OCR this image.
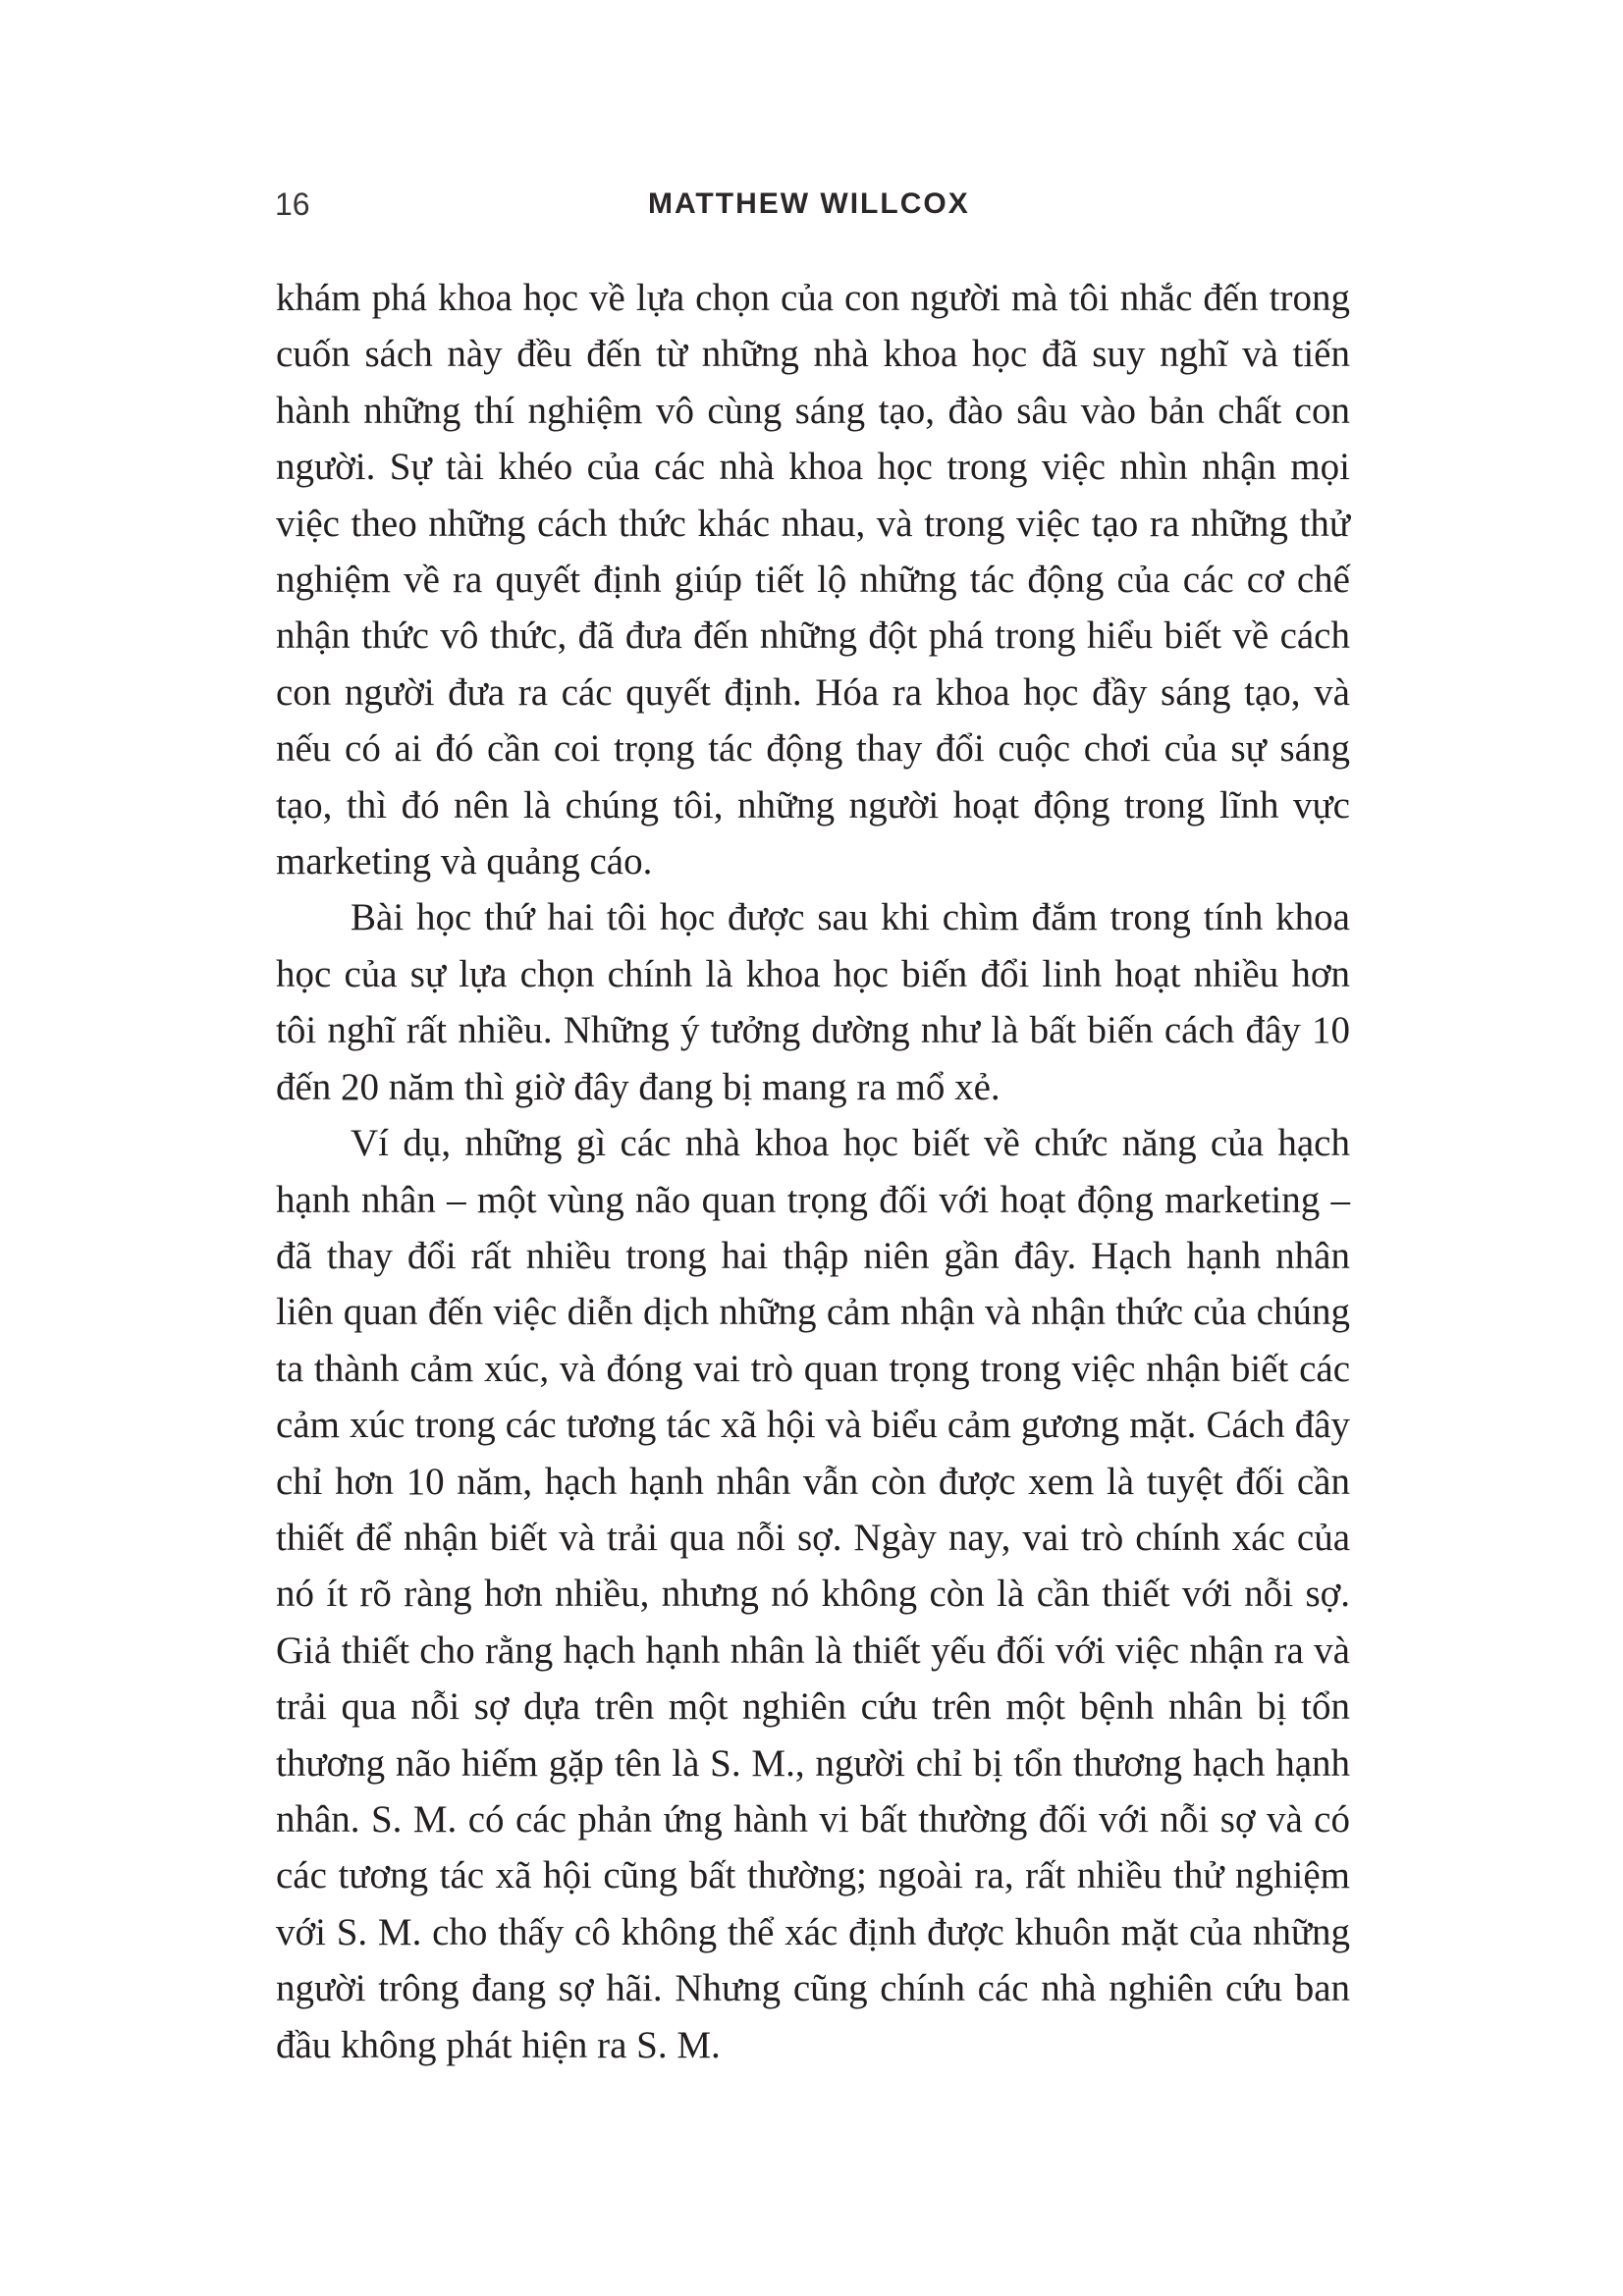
16	MATTHEW WILLCOX

khám phá khoa học về lựa chọn của con người mà tôi nhắc đến trong cuốn sách này đều đến từ những nhà khoa học đã suy nghĩ và tiến hành những thí nghiệm vô cùng sáng tạo, đào sâu vào bản chất con người. Sự tài khéo của các nhà khoa học trong việc nhìn nhận mọi việc theo những cách thức khác nhau, và trong việc tạo ra những thử nghiệm về ra quyết định giúp tiết lộ những tác động của các cơ chế nhận thức vô thức, đã đưa đến những đột phá trong hiểu biết về cách con người đưa ra các quyết định. Hóa ra khoa học đầy sáng tạo, và nếu có ai đó cần coi trọng tác động thay đổi cuộc chơi của sự sáng tạo, thì đó nên là chúng tôi, những người hoạt động trong lĩnh vực marketing và quảng cáo.

Bài học thứ hai tôi học được sau khi chìm đắm trong tính khoa học của sự lựa chọn chính là khoa học biến đổi linh hoạt nhiều hơn tôi nghĩ rất nhiều. Những ý tưởng dường như là bất biến cách đây 10 đến 20 năm thì giờ đây đang bị mang ra mổ xẻ.

Ví dụ, những gì các nhà khoa học biết về chức năng của hạch hạnh nhân – một vùng não quan trọng đối với hoạt động marketing – đã thay đổi rất nhiều trong hai thập niên gần đây. Hạch hạnh nhân liên quan đến việc diễn dịch những cảm nhận và nhận thức của chúng ta thành cảm xúc, và đóng vai trò quan trọng trong việc nhận biết các cảm xúc trong các tương tác xã hội và biểu cảm gương mặt. Cách đây chỉ hơn 10 năm, hạch hạnh nhân vẫn còn được xem là tuyệt đối cần thiết để nhận biết và trải qua nỗi sợ. Ngày nay, vai trò chính xác của nó ít rõ ràng hơn nhiều, nhưng nó không còn là cần thiết với nỗi sợ. Giả thiết cho rằng hạch hạnh nhân là thiết yếu đối với việc nhận ra và trải qua nỗi sợ dựa trên một nghiên cứu trên một bệnh nhân bị tổn thương não hiếm gặp tên là S. M., người chỉ bị tổn thương hạch hạnh nhân. S. M. có các phản ứng hành vi bất thường đối với nỗi sợ và có các tương tác xã hội cũng bất thường; ngoài ra, rất nhiều thử nghiệm với S. M. cho thấy cô không thể xác định được khuôn mặt của những người trông đang sợ hãi. Nhưng cũng chính các nhà nghiên cứu ban đầu không phát hiện ra S. M.
